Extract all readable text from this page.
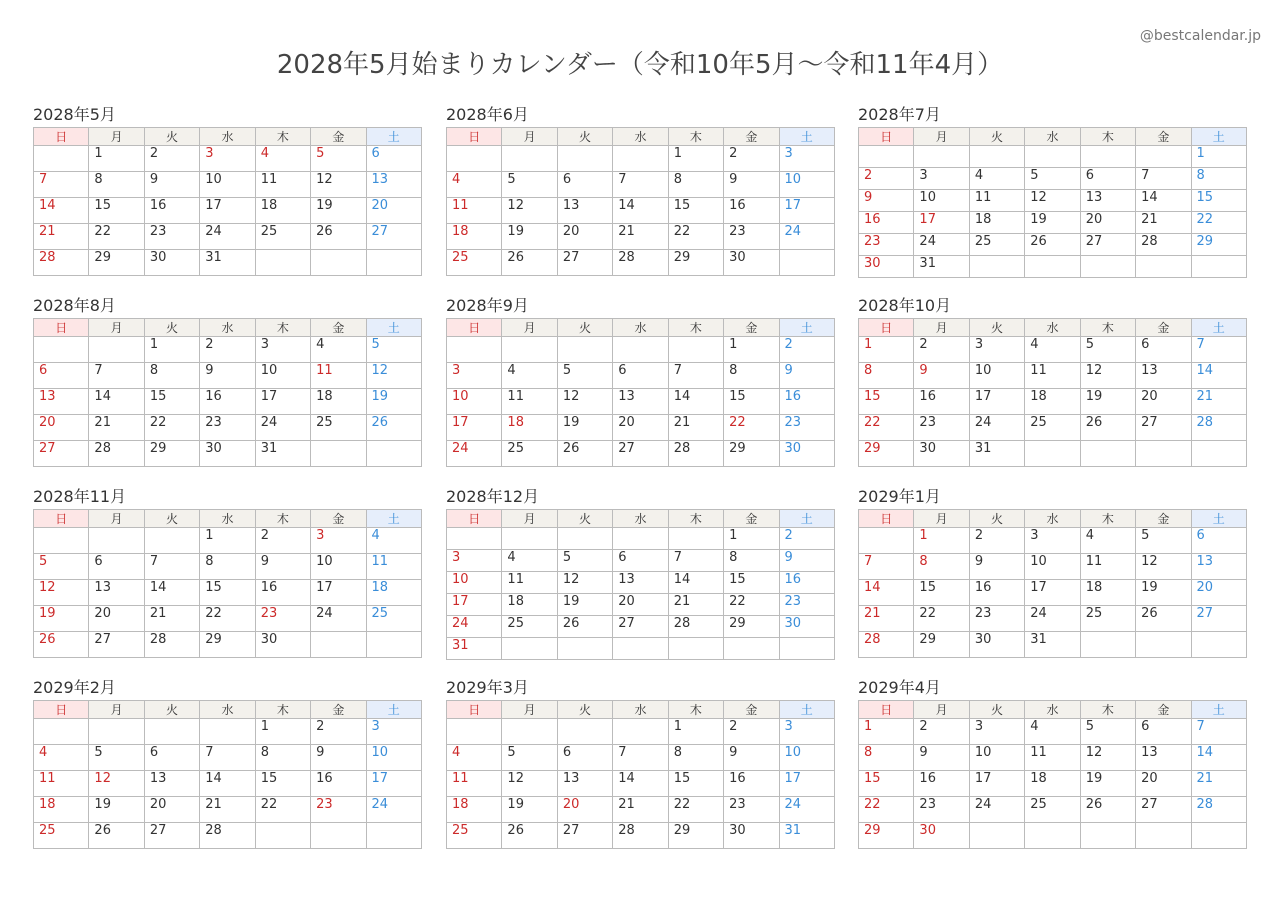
@bestcalendar.jp
2028年5月始まりカレンダー（令和10年5月〜令和11年4月）
2028年5月
日	月	火	水	木	金	土
	1	2	3	4	5	6
7	8	9	10	11	12	13
14	15	16	17	18	19	20
21	22	23	24	25	26	27
28	29	30	31			
2028年6月
日	月	火	水	木	金	土
				1	2	3
4	5	6	7	8	9	10
11	12	13	14	15	16	17
18	19	20	21	22	23	24
25	26	27	28	29	30	
2028年7月
日	月	火	水	木	金	土
						1
2	3	4	5	6	7	8
9	10	11	12	13	14	15
16	17	18	19	20	21	22
23	24	25	26	27	28	29
30	31					
2028年8月
日	月	火	水	木	金	土
		1	2	3	4	5
6	7	8	9	10	11	12
13	14	15	16	17	18	19
20	21	22	23	24	25	26
27	28	29	30	31		
2028年9月
日	月	火	水	木	金	土
					1	2
3	4	5	6	7	8	9
10	11	12	13	14	15	16
17	18	19	20	21	22	23
24	25	26	27	28	29	30
2028年10月
日	月	火	水	木	金	土
1	2	3	4	5	6	7
8	9	10	11	12	13	14
15	16	17	18	19	20	21
22	23	24	25	26	27	28
29	30	31				
2028年11月
日	月	火	水	木	金	土
			1	2	3	4
5	6	7	8	9	10	11
12	13	14	15	16	17	18
19	20	21	22	23	24	25
26	27	28	29	30		
2028年12月
日	月	火	水	木	金	土
					1	2
3	4	5	6	7	8	9
10	11	12	13	14	15	16
17	18	19	20	21	22	23
24	25	26	27	28	29	30
31						
2029年1月
日	月	火	水	木	金	土
	1	2	3	4	5	6
7	8	9	10	11	12	13
14	15	16	17	18	19	20
21	22	23	24	25	26	27
28	29	30	31			
2029年2月
日	月	火	水	木	金	土
				1	2	3
4	5	6	7	8	9	10
11	12	13	14	15	16	17
18	19	20	21	22	23	24
25	26	27	28			
2029年3月
日	月	火	水	木	金	土
				1	2	3
4	5	6	7	8	9	10
11	12	13	14	15	16	17
18	19	20	21	22	23	24
25	26	27	28	29	30	31
2029年4月
日	月	火	水	木	金	土
1	2	3	4	5	6	7
8	9	10	11	12	13	14
15	16	17	18	19	20	21
22	23	24	25	26	27	28
29	30					
